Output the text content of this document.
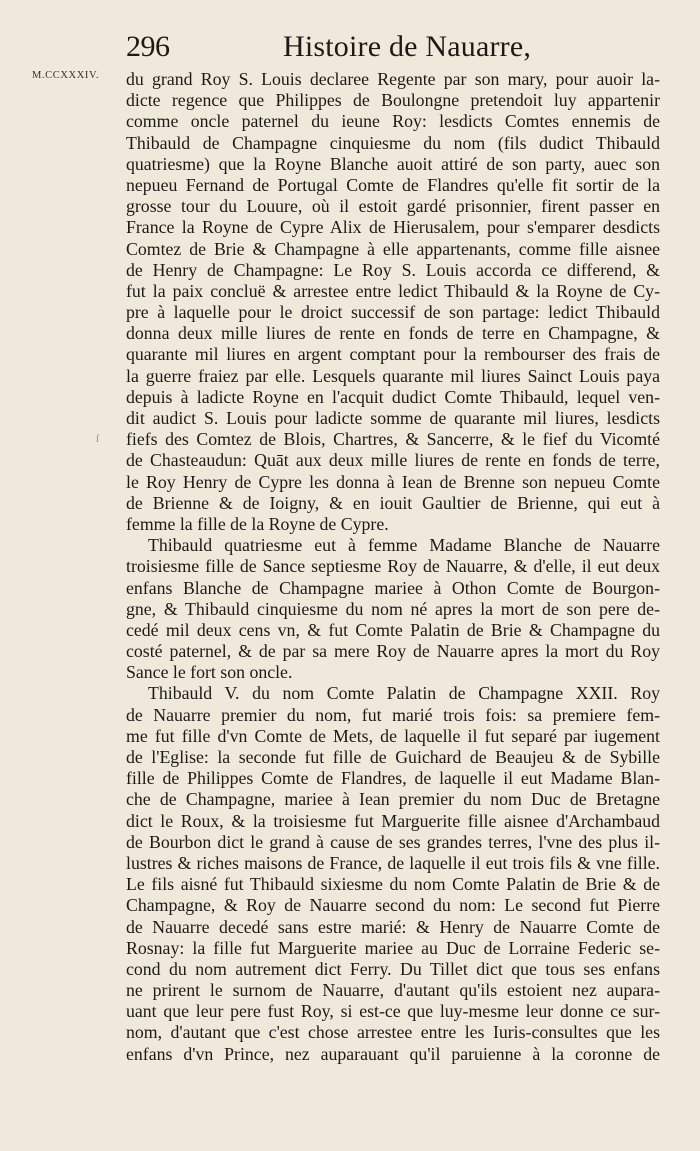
296	Histoire de Nauarre,
M.CCXXXIV. du grand Roy S. Louis declaree Regente par son mary, pour auoir la-
dicte regence que Philippes de Boulongne pretendoit luy appartenir
comme oncle paternel du ieune Roy: lesdicts Comtes ennemis de
Thibauld de Champagne cinquiesme du nom (fils dudict Thibauld
quatriesme) que la Royne Blanche auoit attiré de son party, auec son
nepueu Fernand de Portugal Comte de Flandres qu'elle fit sortir de la
grosse tour du Louure, où il estoit gardé prisonnier, firent passer en
France la Royne de Cypre Alix de Hierusalem, pour s'emparer desdicts
Comtez de Brie & Champagne à elle appartenants, comme fille aisnee
de Henry de Champagne: Le Roy S. Louis accorda ce differend, &
fut la paix concluë & arrestee entre ledict Thibauld & la Royne de Cy-
pre à laquelle pour le droict successif de son partage: ledict Thibauld
donna deux mille liures de rente en fonds de terre en Champagne, &
quarante mil liures en argent comptant pour la rembourser des frais de
la guerre fraiez par elle. Lesquels quarante mil liures Sainct Louis paya
depuis à ladicte Royne en l'acquit dudict Comte Thibauld, lequel ven-
dit audict S. Louis pour ladicte somme de quarante mil liures, lesdicts
fiefs des Comtez de Blois, Chartres, & Sancerre, & le fief du Vicomté
de Chasteaudun: Quāt aux deux mille liures de rente en fonds de terre,
le Roy Henry de Cypre les donna à Iean de Brenne son nepueu Comte
de Brienne & de Ioigny, & en iouit Gaultier de Brienne, qui eut à
femme la fille de la Royne de Cypre.
Thibauld quatriesme eut à femme Madame Blanche de Nauarre
troisiesme fille de Sance septiesme Roy de Nauarre, & d'elle, il eut deux
enfans Blanche de Champagne mariee à Othon Comte de Bourgon-
gne, & Thibauld cinquiesme du nom né apres la mort de son pere de-
cedé mil deux cens vn, & fut Comte Palatin de Brie & Champagne du
costé paternel, & de par sa mere Roy de Nauarre apres la mort du Roy
Sance le fort son oncle.
Thibauld V. du nom Comte Palatin de Champagne XXII. Roy
de Nauarre premier du nom, fut marié trois fois: sa premiere fem-
me fut fille d'vn Comte de Mets, de laquelle il fut separé par iugement
de l'Eglise: la seconde fut fille de Guichard de Beaujeu & de Sybille
fille de Philippes Comte de Flandres, de laquelle il eut Madame Blan-
che de Champagne, mariee à Iean premier du nom Duc de Bretagne
dict le Roux, & la troisiesme fut Marguerite fille aisnee d'Archambaud
de Bourbon dict le grand à cause de ses grandes terres, l'vne des plus il-
lustres & riches maisons de France, de laquelle il eut trois fils & vne fille.
Le fils aisné fut Thibauld sixiesme du nom Comte Palatin de Brie & de
Champagne, & Roy de Nauarre second du nom: Le second fut Pierre
de Nauarre decedé sans estre marié: & Henry de Nauarre Comte de
Rosnay: la fille fut Marguerite mariee au Duc de Lorraine Federic se-
cond du nom autrement dict Ferry. Du Tillet dict que tous ses enfans
ne prirent le surnom de Nauarre, d'autant qu'ils estoient nez aupara-
uant que leur pere fust Roy, si est-ce que luy-mesme leur donne ce sur-
nom, d'autant que c'est chose arrestee entre les Iuris-consultes que les
enfans d'vn Prince, nez auparauant qu'il paruienne à la coronne de
ſ
